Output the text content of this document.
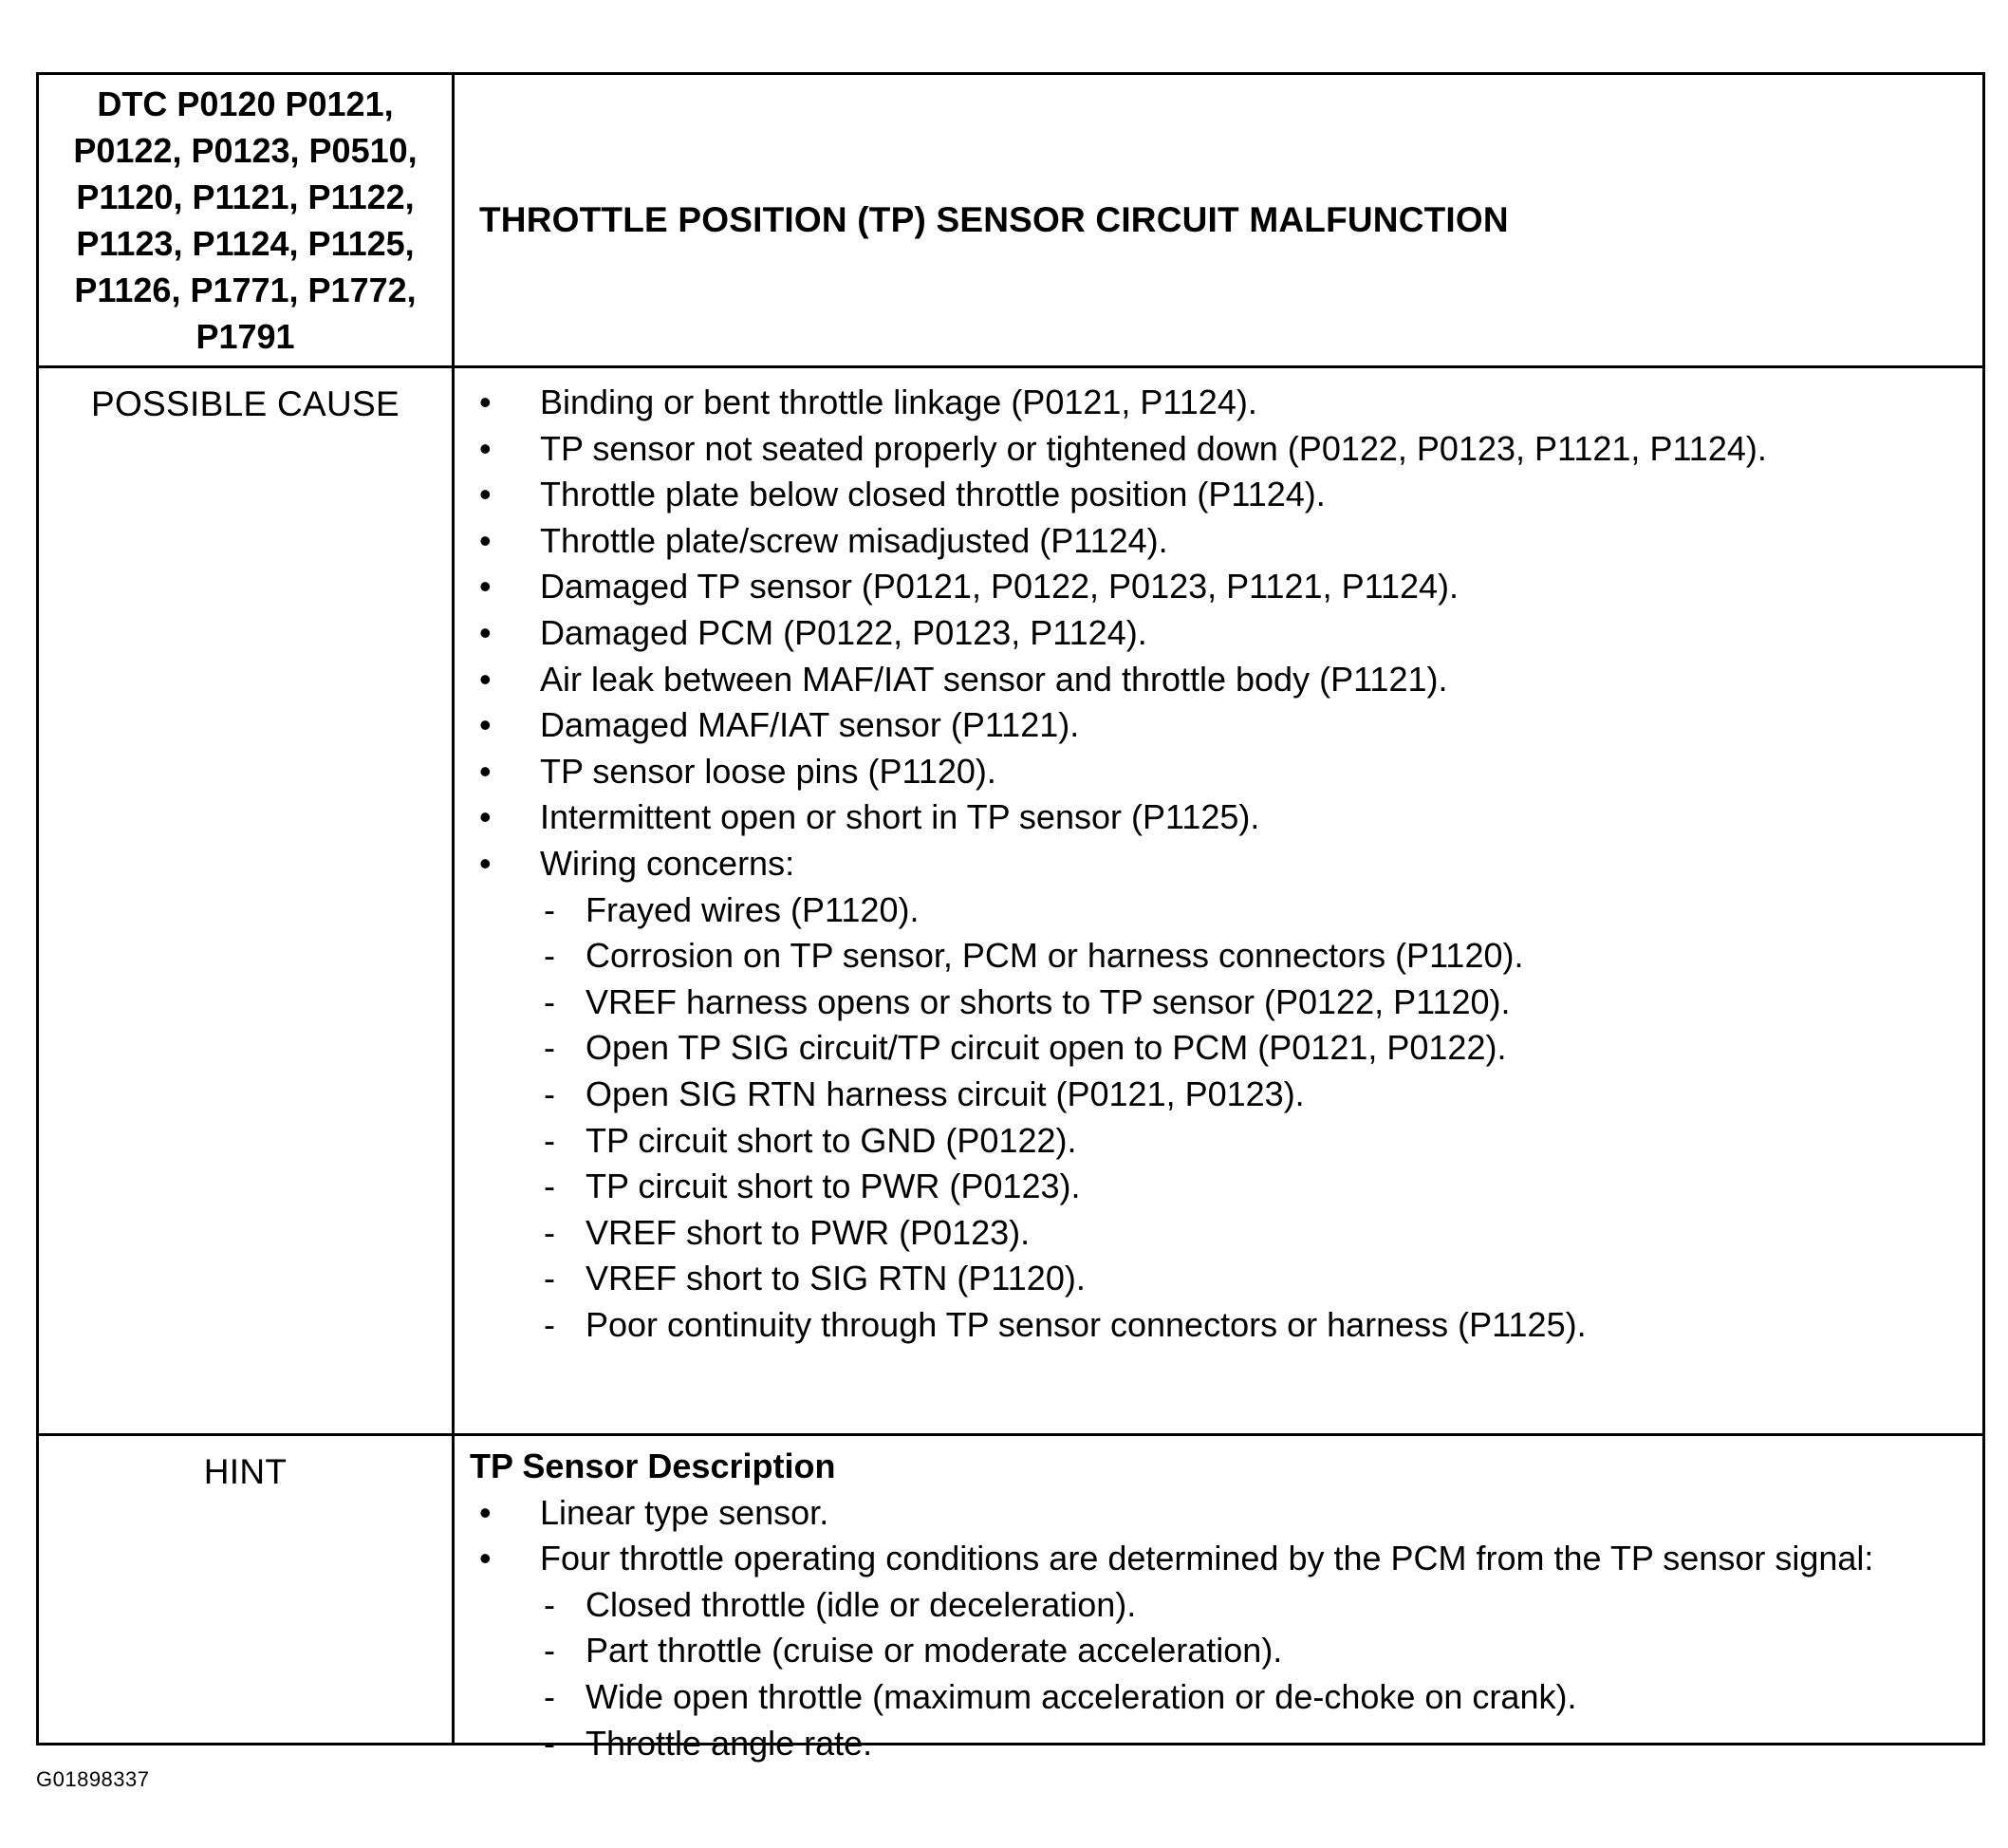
DTC P0120 P0121,
P0122, P0123, P0510,
P1120, P1121, P1122,
P1123, P1124, P1125,
P1126, P1771, P1772,
P1791
THROTTLE POSITION (TP) SENSOR CIRCUIT MALFUNCTION
POSSIBLE CAUSE	• Binding or bent throttle linkage (P0121, P1124).
• TP sensor not seated properly or tightened down (P0122, P0123, P1121, P1124).
• Throttle plate below closed throttle position (P1124).
• Throttle plate/screw misadjusted (P1124).
• Damaged TP sensor (P0121, P0122, P0123, P1121, P1124).
• Damaged PCM (P0122, P0123, P1124).
• Air leak between MAF/IAT sensor and throttle body (P1121).
• Damaged MAF/IAT sensor (P1121).
• TP sensor loose pins (P1120).
• Intermittent open or short in TP sensor (P1125).
• Wiring concerns:
- Frayed wires (P1120).
- Corrosion on TP sensor, PCM or harness connectors (P1120).
- VREF harness opens or shorts to TP sensor (P0122, P1120).
- Open TP SIG circuit/TP circuit open to PCM (P0121, P0122).
- Open SIG RTN harness circuit (P0121, P0123).
- TP circuit short to GND (P0122).
- TP circuit short to PWR (P0123).
- VREF short to PWR (P0123).
- VREF short to SIG RTN (P1120).
- Poor continuity through TP sensor connectors or harness (P1125).
HINT	TP Sensor Description
• Linear type sensor.
• Four throttle operating conditions are determined by the PCM from the TP sensor signal:
- Closed throttle (idle or deceleration).
- Part throttle (cruise or moderate acceleration).
- Wide open throttle (maximum acceleration or de-choke on crank).
- Throttle angle rate.
G01898337
